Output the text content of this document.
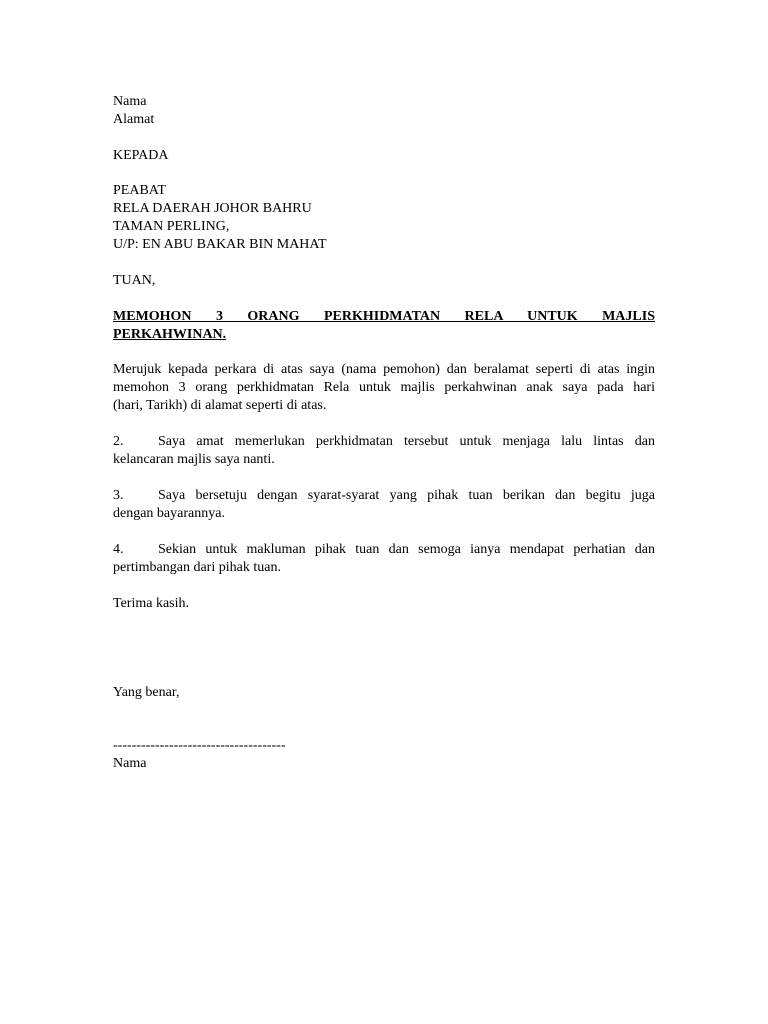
Nama
Alamat
KEPADA
PEABAT
RELA DAERAH JOHOR BAHRU
TAMAN PERLING,
U/P: EN ABU BAKAR BIN MAHAT
TUAN,
MEMOHON 3 ORANG PERKHIDMATAN RELA UNTUK MAJLIS
PERKAHWINAN.
Merujuk kepada perkara di atas saya (nama pemohon) dan beralamat seperti di atas ingin
memohon 3 orang perkhidmatan Rela untuk majlis perkahwinan anak saya pada hari
(hari, Tarikh) di alamat seperti di atas.
2. Saya amat memerlukan perkhidmatan tersebut untuk menjaga lalu lintas dan
kelancaran majlis saya nanti.
3. Saya bersetuju dengan syarat-syarat yang pihak tuan berikan dan begitu juga
dengan bayarannya.
4. Sekian untuk makluman pihak tuan dan semoga ianya mendapat perhatian dan
pertimbangan dari pihak tuan.
Terima kasih.
Yang benar,
-------------------------------------
Nama
